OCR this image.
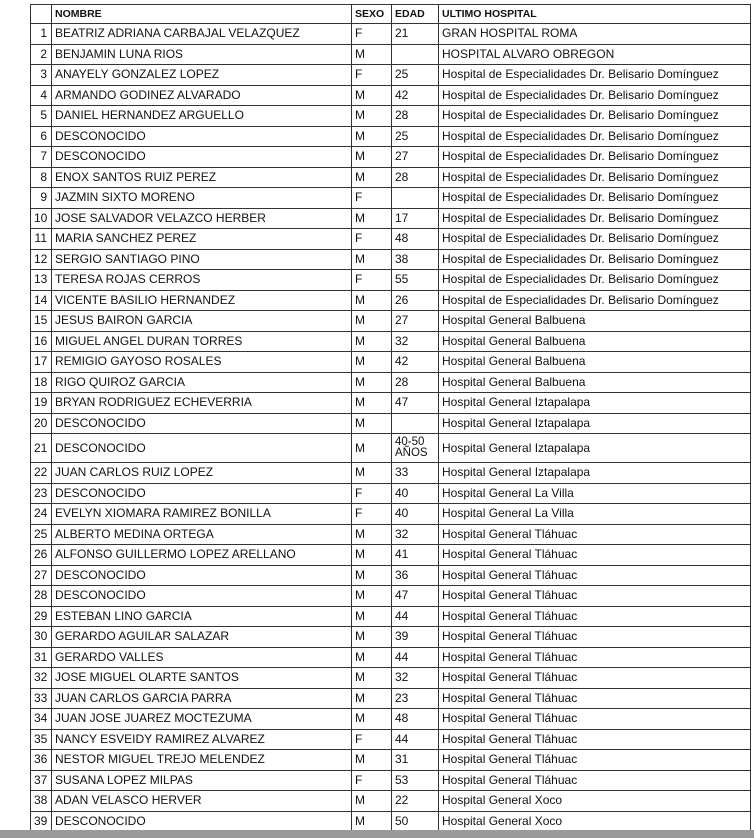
	NOMBRE	SEXO	EDAD	ULTIMO HOSPITAL
1	BEATRIZ ADRIANA CARBAJAL VELAZQUEZ	F	21	GRAN HOSPITAL ROMA
2	BENJAMIN LUNA RIOS	M		HOSPITAL ALVARO OBREGON
3	ANAYELY GONZALEZ LOPEZ	F	25	Hospital de Especialidades Dr. Belisario Domínguez
4	ARMANDO GODINEZ ALVARADO	M	42	Hospital de Especialidades Dr. Belisario Domínguez
5	DANIEL HERNANDEZ ARGUELLO	M	28	Hospital de Especialidades Dr. Belisario Domínguez
6	DESCONOCIDO	M	25	Hospital de Especialidades Dr. Belisario Domínguez
7	DESCONOCIDO	M	27	Hospital de Especialidades Dr. Belisario Domínguez
8	ENOX SANTOS RUIZ PEREZ	M	28	Hospital de Especialidades Dr. Belisario Domínguez
9	JAZMIN SIXTO MORENO	F		Hospital de Especialidades Dr. Belisario Domínguez
10	JOSE SALVADOR VELAZCO HERBER	M	17	Hospital de Especialidades Dr. Belisario Domínguez
11	MARIA SANCHEZ PEREZ	F	48	Hospital de Especialidades Dr. Belisario Domínguez
12	SERGIO SANTIAGO PINO	M	38	Hospital de Especialidades Dr. Belisario Domínguez
13	TERESA ROJAS CERROS	F	55	Hospital de Especialidades Dr. Belisario Domínguez
14	VICENTE BASILIO HERNANDEZ	M	26	Hospital de Especialidades Dr. Belisario Domínguez
15	JESUS BAIRON GARCIA	M	27	Hospital General Balbuena
16	MIGUEL ANGEL DURAN TORRES	M	32	Hospital General Balbuena
17	REMIGIO GAYOSO ROSALES	M	42	Hospital General Balbuena
18	RIGO QUIROZ GARCIA	M	28	Hospital General Balbuena
19	BRYAN RODRIGUEZ ECHEVERRIA	M	47	Hospital General Iztapalapa
20	DESCONOCIDO	M		Hospital General Iztapalapa
21	DESCONOCIDO	M	40-50 AÑOS	Hospital General Iztapalapa
22	JUAN CARLOS RUIZ LOPEZ	M	33	Hospital General Iztapalapa
23	DESCONOCIDO	F	40	Hospital General La Villa
24	EVELYN XIOMARA RAMIREZ BONILLA	F	40	Hospital General La Villa
25	ALBERTO MEDINA ORTEGA	M	32	Hospital General Tláhuac
26	ALFONSO GUILLERMO LOPEZ ARELLANO	M	41	Hospital General Tláhuac
27	DESCONOCIDO	M	36	Hospital General Tláhuac
28	DESCONOCIDO	M	47	Hospital General Tláhuac
29	ESTEBAN LINO GARCIA	M	44	Hospital General Tláhuac
30	GERARDO AGUILAR SALAZAR	M	39	Hospital General Tláhuac
31	GERARDO VALLES	M	44	Hospital General Tláhuac
32	JOSE MIGUEL OLARTE SANTOS	M	32	Hospital General Tláhuac
33	JUAN CARLOS GARCIA PARRA	M	23	Hospital General Tláhuac
34	JUAN JOSE JUAREZ MOCTEZUMA	M	48	Hospital General Tláhuac
35	NANCY ESVEIDY RAMIREZ ALVAREZ	F	44	Hospital General Tláhuac
36	NESTOR MIGUEL TREJO MELENDEZ	M	31	Hospital General Tláhuac
37	SUSANA LOPEZ MILPAS	F	53	Hospital General Tláhuac
38	ADAN VELASCO HERVER	M	22	Hospital General Xoco
39	DESCONOCIDO	M	50	Hospital General Xoco
